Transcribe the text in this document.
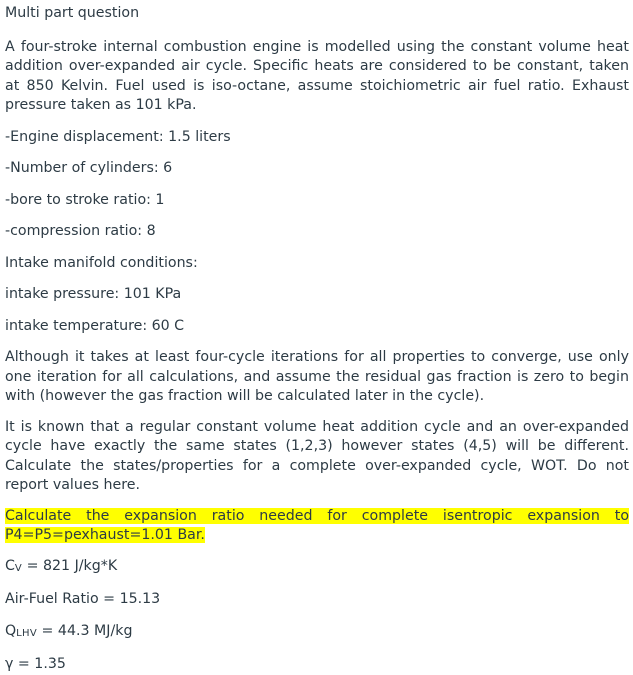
Multi part question

A four-stroke internal combustion engine is modelled using the constant volume heat addition over-expanded air cycle. Specific heats are considered to be constant, taken at 850 Kelvin. Fuel used is iso-octane, assume stoichiometric air fuel ratio. Exhaust pressure taken as 101 kPa.

-Engine displacement: 1.5 liters

-Number of cylinders: 6

-bore to stroke ratio: 1

-compression ratio: 8

Intake manifold conditions:

intake pressure: 101 KPa

intake temperature: 60 C

Although it takes at least four-cycle iterations for all properties to converge, use only one iteration for all calculations, and assume the residual gas fraction is zero to begin with (however the gas fraction will be calculated later in the cycle).

It is known that a regular constant volume heat addition cycle and an over-expanded cycle have exactly the same states (1,2,3) however states (4,5) will be different. Calculate the states/properties for a complete over-expanded cycle, WOT. Do not report values here.

Calculate the expansion ratio needed for complete isentropic expansion to P4=P5=pexhaust=1.01 Bar.

CV = 821 J/kg*K

Air-Fuel Ratio = 15.13

QLHV = 44.3 MJ/kg

γ = 1.35
